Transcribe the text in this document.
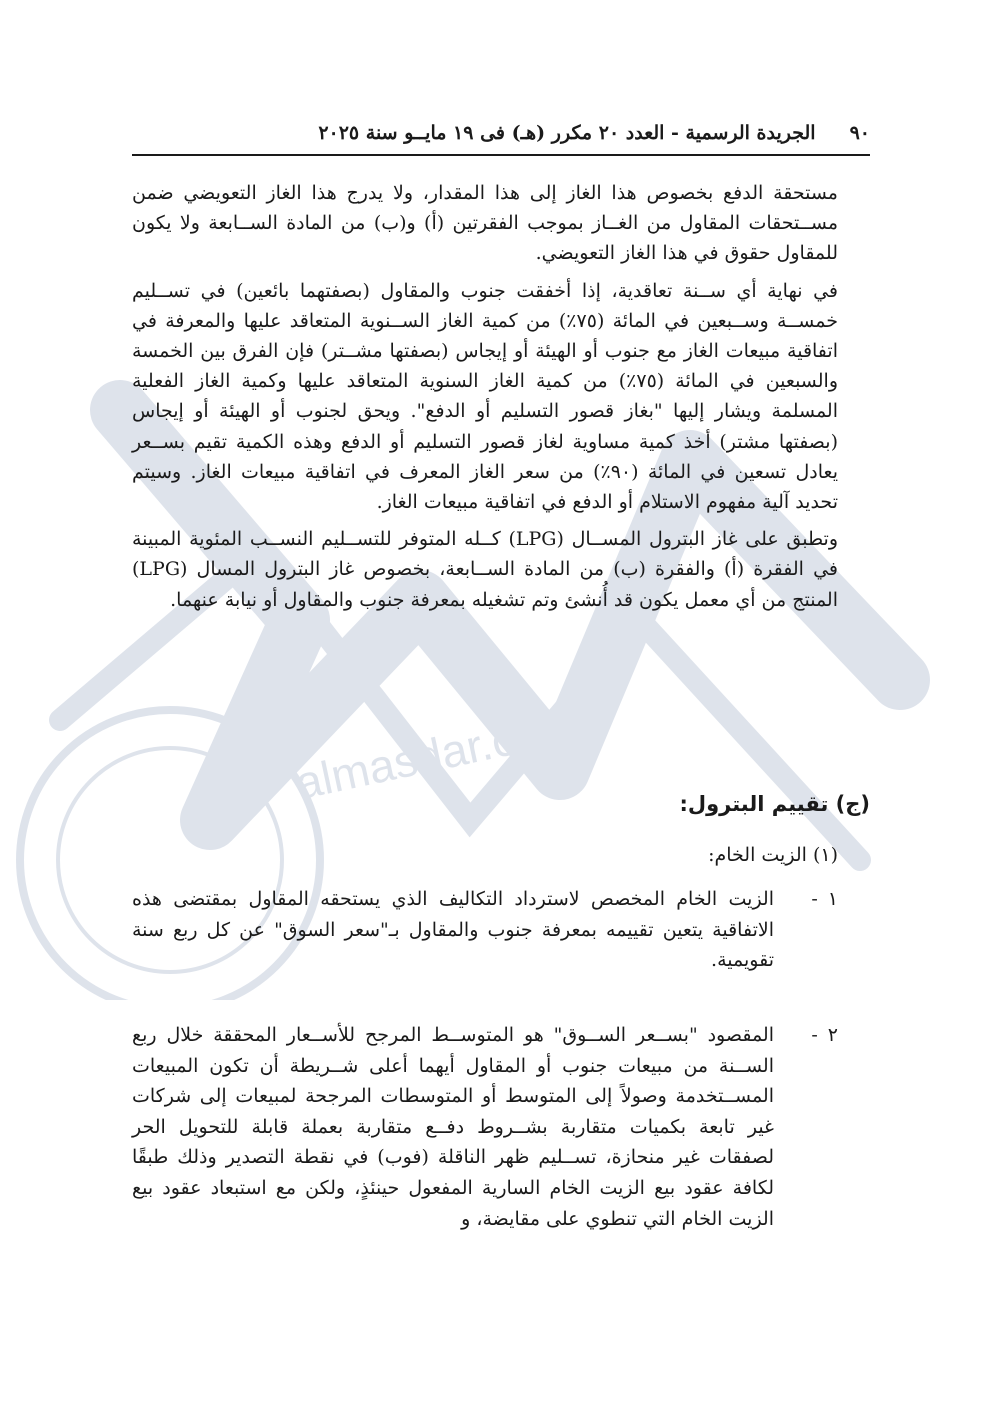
almasdar.com
٩٠
الجريدة الرسمية - العدد ٢٠ مكرر (هـ) فى ١٩ مايــو سنة ٢٠٢٥

مستحقة الدفع بخصوص هذا الغاز إلى هذا المقدار، ولا يدرج هذا الغاز التعويضي ضمن مســتحقات المقاول من الغــاز بموجب الفقرتين (أ) و(ب) من المادة الســابعة ولا يكون للمقاول حقوق في هذا الغاز التعويضي.

في نهاية أي ســنة تعاقدية، إذا أخفقت جنوب والمقاول (بصفتهما بائعين) في تســليم خمســة وســبعين في المائة (٧٥٪) من كمية الغاز الســنوية المتعاقد عليها والمعرفة في اتفاقية مبيعات الغاز مع جنوب أو الهيئة أو إيجاس (بصفتها مشــتر) فإن الفرق بين الخمسة والسبعين في المائة (٧٥٪) من كمية الغاز السنوية المتعاقد عليها وكمية الغاز الفعلية المسلمة ويشار إليها "بغاز قصور التسليم أو الدفع". ويحق لجنوب أو الهيئة أو إيجاس (بصفتها مشتر) أخذ كمية مساوية لغاز قصور التسليم أو الدفع وهذه الكمية تقيم بســعر يعادل تسعين في المائة (٩٠٪) من سعر الغاز المعرف في اتفاقية مبيعات الغاز. وسيتم تحديد آلية مفهوم الاستلام أو الدفع في اتفاقية مبيعات الغاز.

وتطبق على غاز البترول المســال (LPG) كــله المتوفر للتســليم النســب المئوية المبينة في الفقرة (أ) والفقرة (ب) من المادة الســابعة، بخصوص غاز البترول المسال (LPG) المنتج من أي معمل يكون قد أُنشئ وتم تشغيله بمعرفة جنوب والمقاول أو نيابة عنهما.

(ج) تقييم البترول:
(١) الزيت الخام:
١
-
الزيت الخام المخصص لاسترداد التكاليف الذي يستحقه المقاول بمقتضى هذه الاتفاقية يتعين تقييمه بمعرفة جنوب والمقاول بـ"سعر السوق" عن كل ربع سنة تقويمية.
٢
-
المقصود "بســعر الســوق" هو المتوســط المرجح للأســعار المحققة خلال ربع الســنة من مبيعات جنوب أو المقاول أيهما أعلى شــريطة أن تكون المبيعات المســتخدمة وصولاً إلى المتوسط أو المتوسطات المرجحة لمبيعات إلى شركات غير تابعة بكميات متقاربة بشــروط دفــع متقاربة بعملة قابلة للتحويل الحر لصفقات غير منحازة، تســليم ظهر الناقلة (فوب) في نقطة التصدير وذلك طبقًا لكافة عقود بيع الزيت الخام السارية المفعول حينئذٍ، ولكن مع استبعاد عقود بيع الزيت الخام التي تنطوي على مقايضة، و
